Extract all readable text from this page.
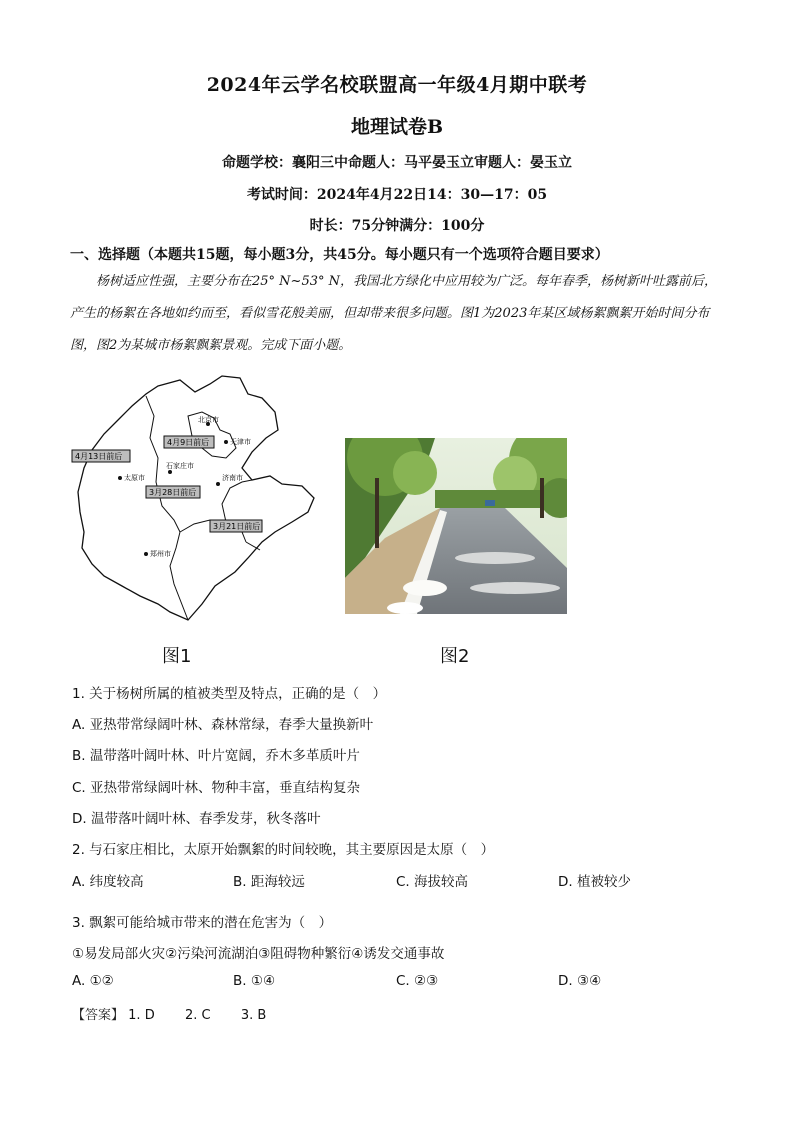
2024年云学名校联盟高一年级4月期中联考
地理试卷B
命题学校：襄阳三中命题人：马平晏玉立审题人：晏玉立
考试时间：2024年4月22日14：30—17：05
时长：75分钟满分：100分
一、选择题（本题共15题，每小题3分，共45分。每小题只有一个选项符合题目要求）
杨树适应性强，主要分布在25° N~53° N，我国北方绿化中应用较为广泛。每年春季，杨树新叶吐露前后，产生的杨絮在各地如约而至，看似雪花般美丽，但却带来很多问题。图1为2023年某区域杨絮飘絮开始时间分布图，图2为某城市杨絮飘絮景观。完成下面小题。
北京市
天津市
太原市
石家庄市
济南市
郑州市
4月13日前后
4月9日前后
3月28日前后
3月21日前后
图1	图2
1. 关于杨树所属的植被类型及特点，正确的是（　）
A. 亚热带常绿阔叶林、森林常绿，春季大量换新叶
B. 温带落叶阔叶林、叶片宽阔，乔木多革质叶片
C. 亚热带常绿阔叶林、物种丰富，垂直结构复杂
D. 温带落叶阔叶林、春季发芽，秋冬落叶
2. 与石家庄相比，太原开始飘絮的时间较晚，其主要原因是太原（　）
A. 纬度较高	B. 距海较远	C. 海拔较高	D. 植被较少
3. 飘絮可能给城市带来的潜在危害为（　）
①易发局部火灾②污染河流湖泊③阻碍物种繁衍④诱发交通事故
A. ①②	B. ①④	C. ②③	D. ③④
【答案】 1. D 2. C 3. B
